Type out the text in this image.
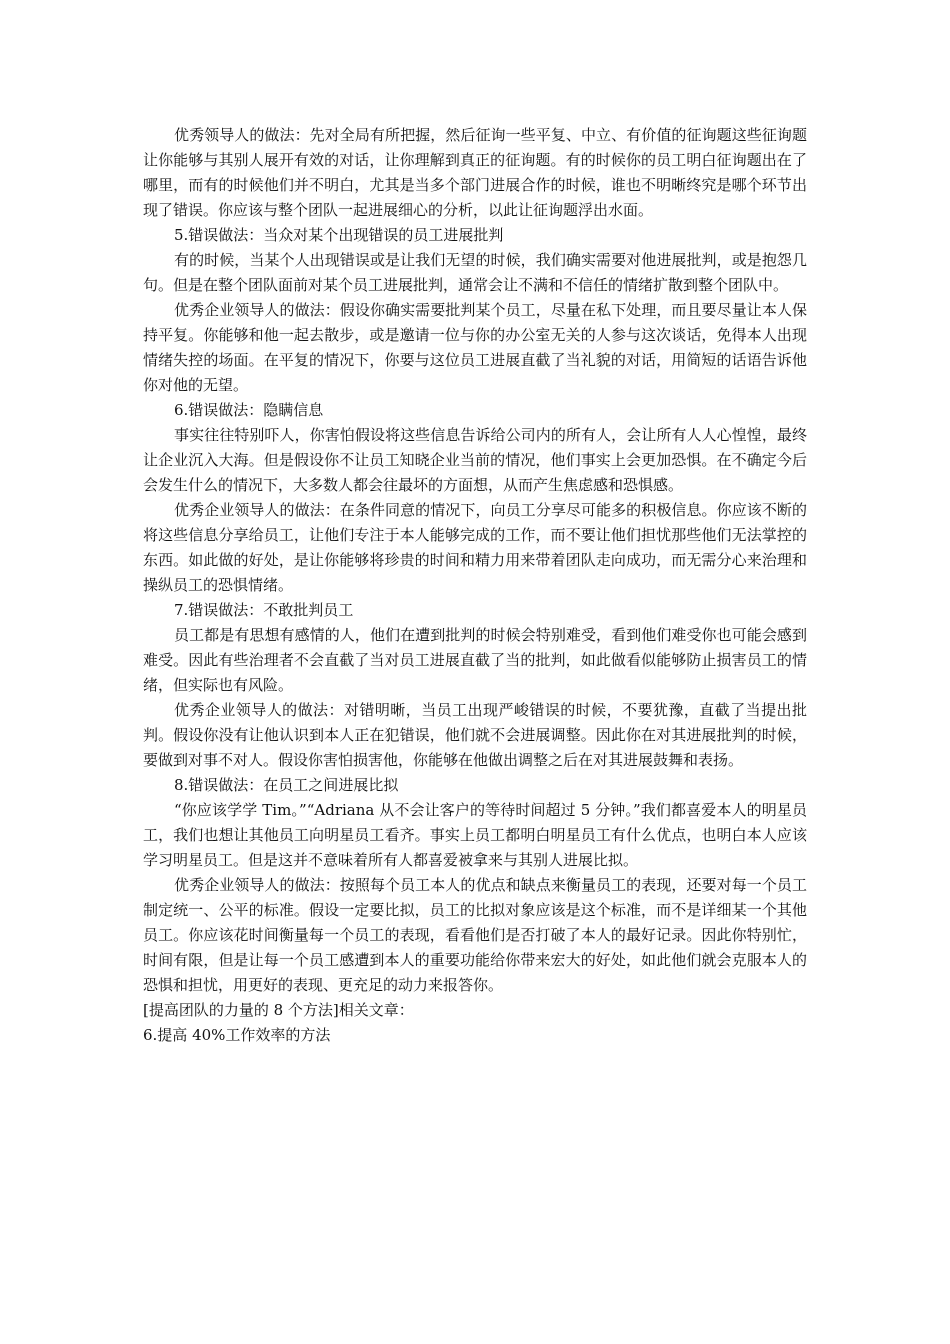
优秀领导人的做法：先对全局有所把握，然后征询一些平复、中立、有价值的征询题这些征询题让你能够与其别人展开有效的对话，让你理解到真正的征询题。有的时候你的员工明白征询题出在了哪里，而有的时候他们并不明白，尤其是当多个部门进展合作的时候，谁也不明晰终究是哪个环节出现了错误。你应该与整个团队一起进展细心的分析，以此让征询题浮出水面。

5.错误做法：当众对某个出现错误的员工进展批判

有的时候，当某个人出现错误或是让我们无望的时候，我们确实需要对他进展批判，或是抱怨几句。但是在整个团队面前对某个员工进展批判，通常会让不满和不信任的情绪扩散到整个团队中。

优秀企业领导人的做法：假设你确实需要批判某个员工，尽量在私下处理，而且要尽量让本人保持平复。你能够和他一起去散步，或是邀请一位与你的办公室无关的人参与这次谈话，免得本人出现情绪失控的场面。在平复的情况下，你要与这位员工进展直截了当礼貌的对话，用简短的话语告诉他你对他的无望。

6.错误做法：隐瞒信息

事实往往特别吓人，你害怕假设将这些信息告诉给公司内的所有人，会让所有人人心惶惶，最终让企业沉入大海。但是假设你不让员工知晓企业当前的情况，他们事实上会更加恐惧。在不确定今后会发生什么的情况下，大多数人都会往最坏的方面想，从而产生焦虑感和恐惧感。

优秀企业领导人的做法：在条件同意的情况下，向员工分享尽可能多的积极信息。你应该不断的将这些信息分享给员工，让他们专注于本人能够完成的工作，而不要让他们担忧那些他们无法掌控的东西。如此做的好处，是让你能够将珍贵的时间和精力用来带着团队走向成功，而无需分心来治理和操纵员工的恐惧情绪。

7.错误做法：不敢批判员工

员工都是有思想有感情的人，他们在遭到批判的时候会特别难受，看到他们难受你也可能会感到难受。因此有些治理者不会直截了当对员工进展直截了当的批判，如此做看似能够防止损害员工的情绪，但实际也有风险。

优秀企业领导人的做法：对错明晰，当员工出现严峻错误的时候，不要犹豫，直截了当提出批判。假设你没有让他认识到本人正在犯错误，他们就不会进展调整。因此你在对其进展批判的时候，要做到对事不对人。假设你害怕损害他，你能够在他做出调整之后在对其进展鼓舞和表扬。

8.错误做法：在员工之间进展比拟

“你应该学学 Tim。”“Adriana 从不会让客户的等待时间超过 5 分钟。”我们都喜爱本人的明星员工，我们也想让其他员工向明星员工看齐。事实上员工都明白明星员工有什么优点，也明白本人应该学习明星员工。但是这并不意味着所有人都喜爱被拿来与其别人进展比拟。

优秀企业领导人的做法：按照每个员工本人的优点和缺点来衡量员工的表现，还要对每一个员工制定统一、公平的标准。假设一定要比拟，员工的比拟对象应该是这个标准，而不是详细某一个其他员工。你应该花时间衡量每一个员工的表现，看看他们是否打破了本人的最好记录。因此你特别忙，时间有限，但是让每一个员工感遭到本人的重要功能给你带来宏大的好处，如此他们就会克服本人的恐惧和担忧，用更好的表现、更充足的动力来报答你。

[提高团队的力量的 8 个方法]相关文章：

6.提高 40%工作效率的方法
